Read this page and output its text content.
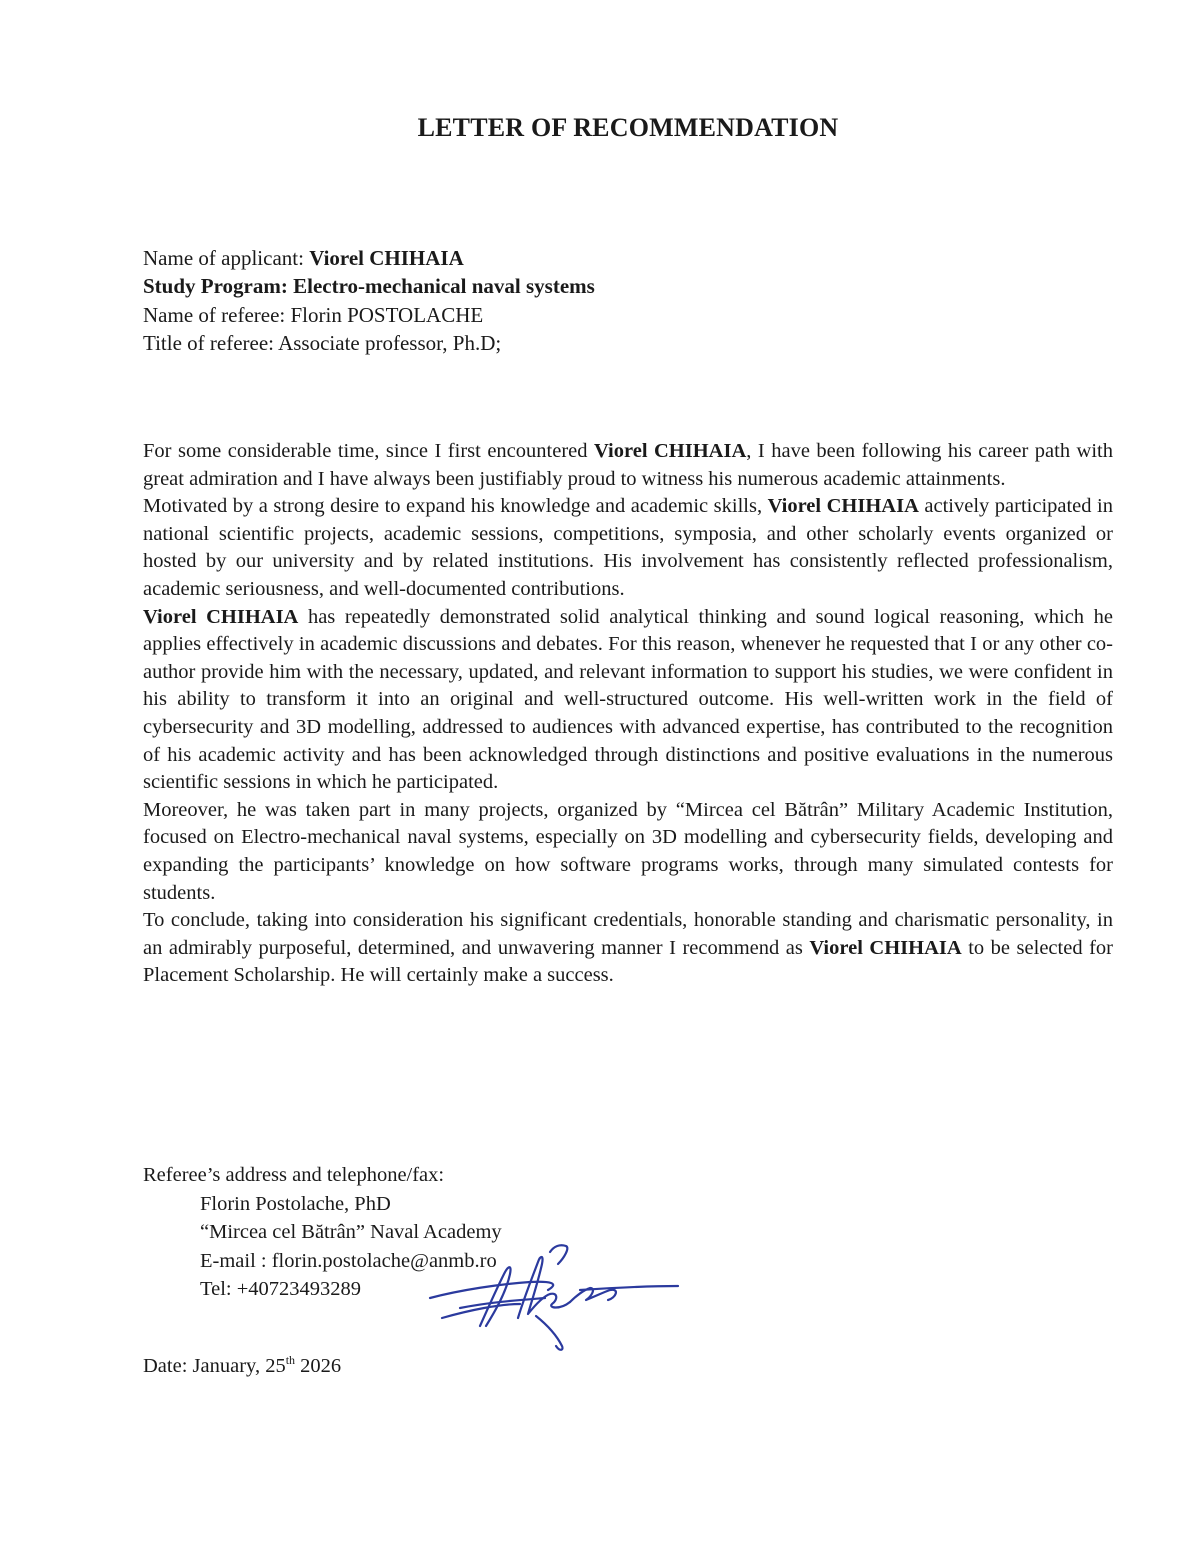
LETTER OF RECOMMENDATION

Name of applicant: Viorel CHIHAIA

Study Program: Electro-mechanical naval systems

Name of referee: Florin POSTOLACHE

Title of referee: Associate professor, Ph.D;

For some considerable time, since I first encountered Viorel CHIHAIA, I have been following his career path with great admiration and I have always been justifiably proud to witness his numerous academic attainments.

Motivated by a strong desire to expand his knowledge and academic skills, Viorel CHIHAIA actively participated in national scientific projects, academic sessions, competitions, symposia, and other scholarly events organized or hosted by our university and by related institutions. His involvement has consistently reflected professionalism, academic seriousness, and well-documented contributions.

Viorel CHIHAIA has repeatedly demonstrated solid analytical thinking and sound logical reasoning, which he applies effectively in academic discussions and debates. For this reason, whenever he requested that I or any other co-author provide him with the necessary, updated, and relevant information to support his studies, we were confident in his ability to transform it into an original and well-structured outcome. His well-written work in the field of cybersecurity and 3D modelling, addressed to audiences with advanced expertise, has contributed to the recognition of his academic activity and has been acknowledged through distinctions and positive evaluations in the numerous scientific sessions in which he participated.

Moreover, he was taken part in many projects, organized by “Mircea cel Bătrân” Military Academic Institution, focused on Electro-mechanical naval systems, especially on 3D modelling and cybersecurity fields, developing and expanding the participants’ knowledge on how software programs works, through many simulated contests for students.

To conclude, taking into consideration his significant credentials, honorable standing and charismatic personality, in an admirably purposeful, determined, and unwavering manner I recommend as Viorel CHIHAIA to be selected for Placement Scholarship. He will certainly make a success.

Referee’s address and telephone/fax:

Florin Postolache, PhD

“Mircea cel Bătrân” Naval Academy

E-mail : florin.postolache@anmb.ro

Tel: +40723493289

Date: January, 25th 2026
